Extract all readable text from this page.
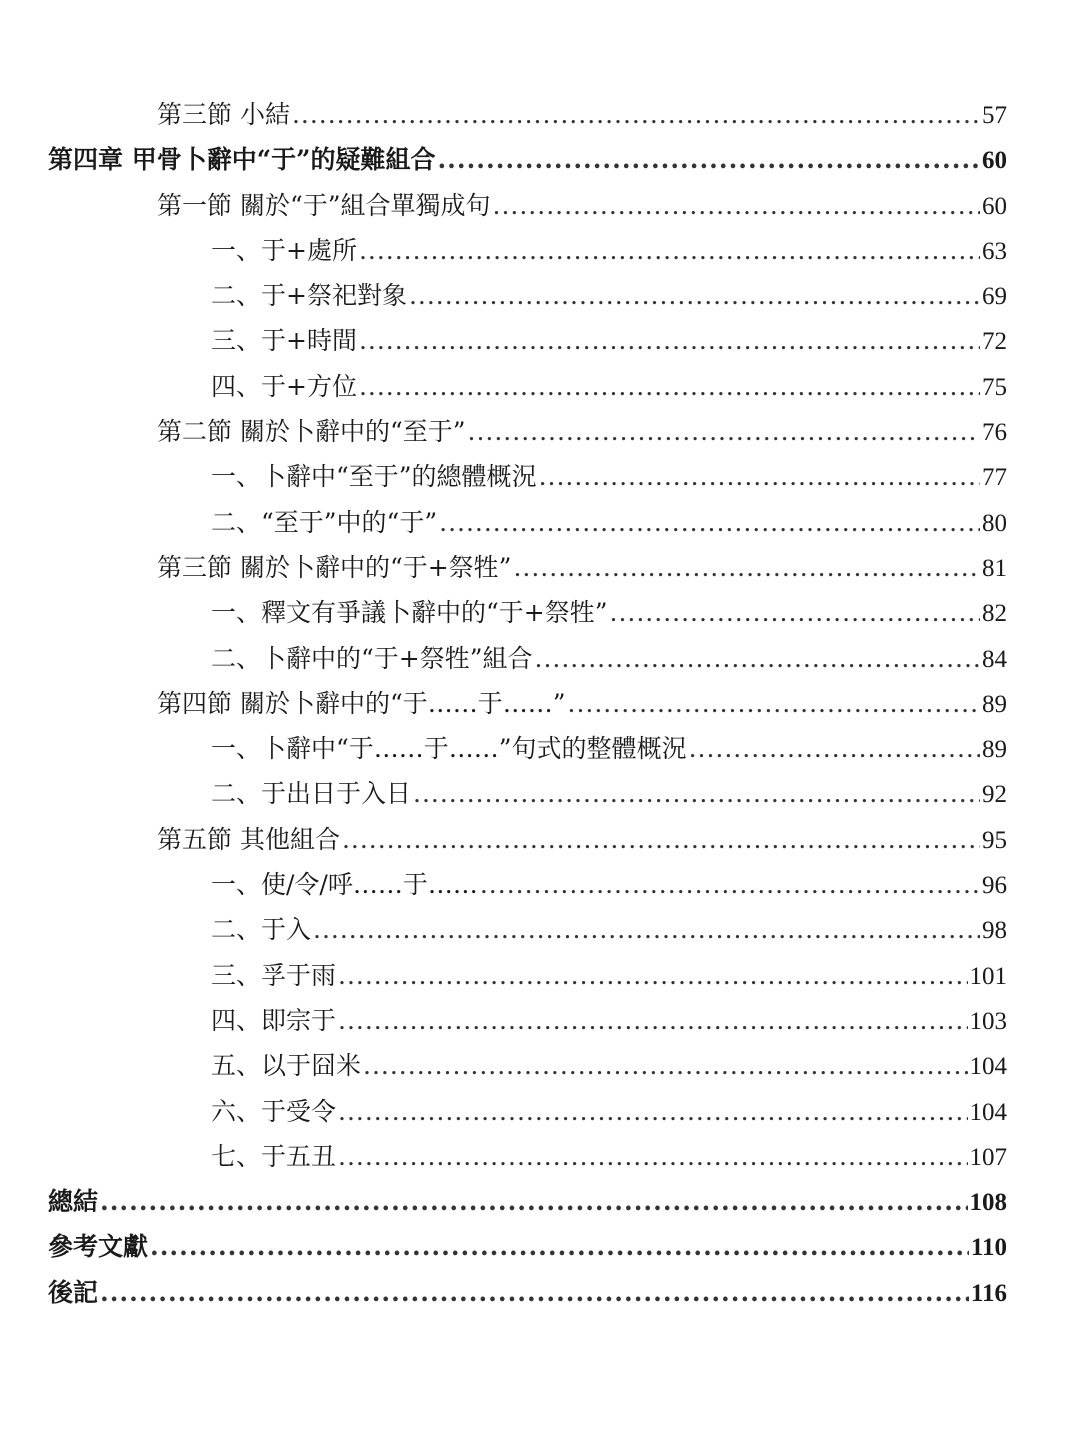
第三節 小結 .....	57
第四章 甲骨卜辭中“于”的疑難組合 .....	60
第一節 關於“于”組合單獨成句 .....	60
一、于+處所 .....	63
二、于+祭祀對象 .....	69
三、于+時間 .....	72
四、于+方位 .....	75
第二節 關於卜辭中的“至于” .....	76
一、卜辭中“至于”的總體概況 .....	77
二、“至于”中的“于” .....	80
第三節 關於卜辭中的“于+祭牲” .....	81
一、釋文有爭議卜辭中的“于+祭牲” .....	82
二、卜辭中的“于+祭牲”組合 .....	84
第四節 關於卜辭中的“于……于……” .....	89
一、卜辭中“于……于……”句式的整體概況 .....	89
二、于出日于入日 .....	92
第五節 其他組合 .....	95
一、使/令/呼……于…… .....	96
二、于入 .....	98
三、孚于雨 .....	101
四、即宗于 .....	103
五、以于囧米 .....	104
六、于受令 .....	104
七、于五丑 .....	107
總結 .....	108
參考文獻 .....	110
後記 .....	116
